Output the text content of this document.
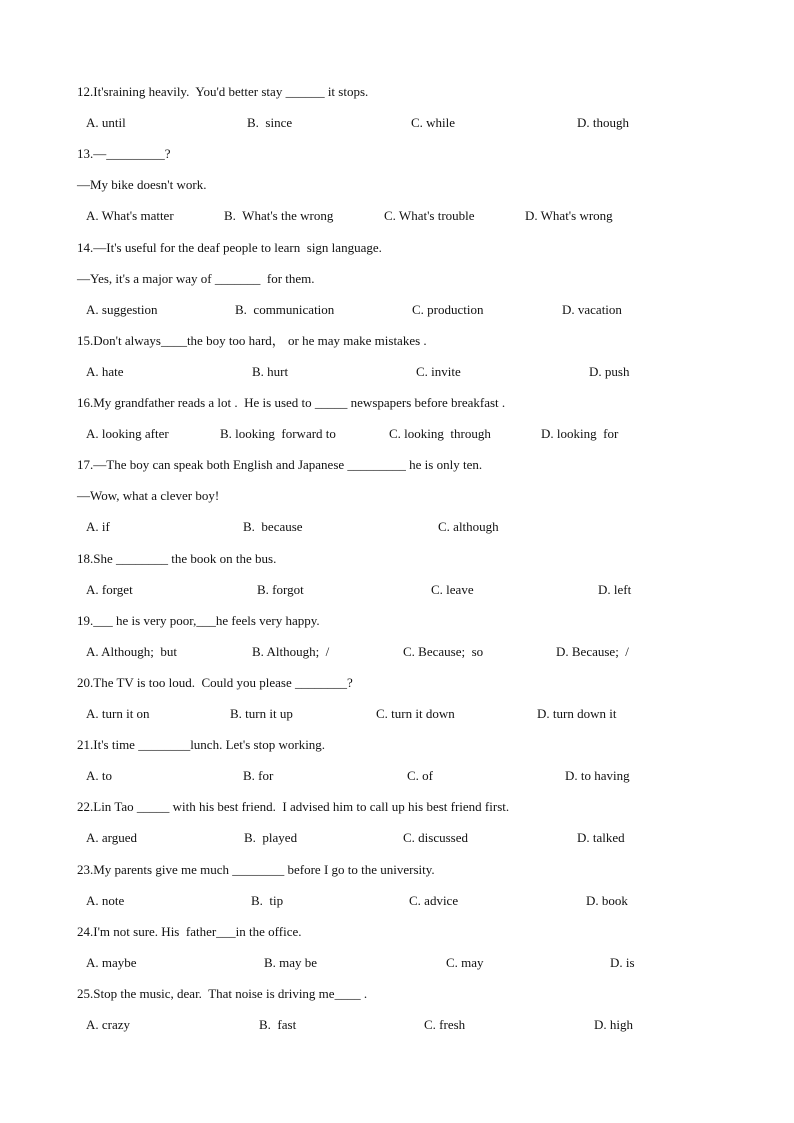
12.It'sraining heavily.  You'd better stay ______ it stops.
A. until	B.  since	C. while	D. though
13.—_________?
—My bike doesn't work.
A. What's matter	B.  What's the wrong	C. What's trouble	D. What's wrong
14.—It's useful for the deaf people to learn  sign language.
—Yes, it's a major way of _______  for them.
A. suggestion	B.  communication	C. production	D. vacation
15.Don't always____the boy too hard， or he may make mistakes .
A. hate	B. hurt	C. invite	D. push
16.My grandfather reads a lot .  He is used to _____ newspapers before breakfast .
A. looking after	B. looking  forward to	C. looking  through	D. looking  for
17.—The boy can speak both English and Japanese _________ he is only ten.
—Wow, what a clever boy!
A. if	B.  because	C. although
18.She ________ the book on the bus.
A. forget	B. forgot	C. leave	D. left
19.___ he is very poor,___he feels very happy.
A. Although;  but	B. Although;  /	C. Because;  so	D. Because;  /
20.The TV is too loud.  Could you please ________?
A. turn it on	B. turn it up	C. turn it down	D. turn down it
21.It's time ________lunch. Let's stop working.
A. to	B. for	C. of	D. to having
22.Lin Tao _____ with his best friend.  I advised him to call up his best friend first.
A. argued	B.  played	C. discussed	D. talked
23.My parents give me much ________ before I go to the university.
A. note	B.  tip	C. advice	D. book
24.I'm not sure. His  father___in the office.
A. maybe	B. may be	C. may	D. is
25.Stop the music, dear.  That noise is driving me____ .
A. crazy	B.  fast	C. fresh	D. high
